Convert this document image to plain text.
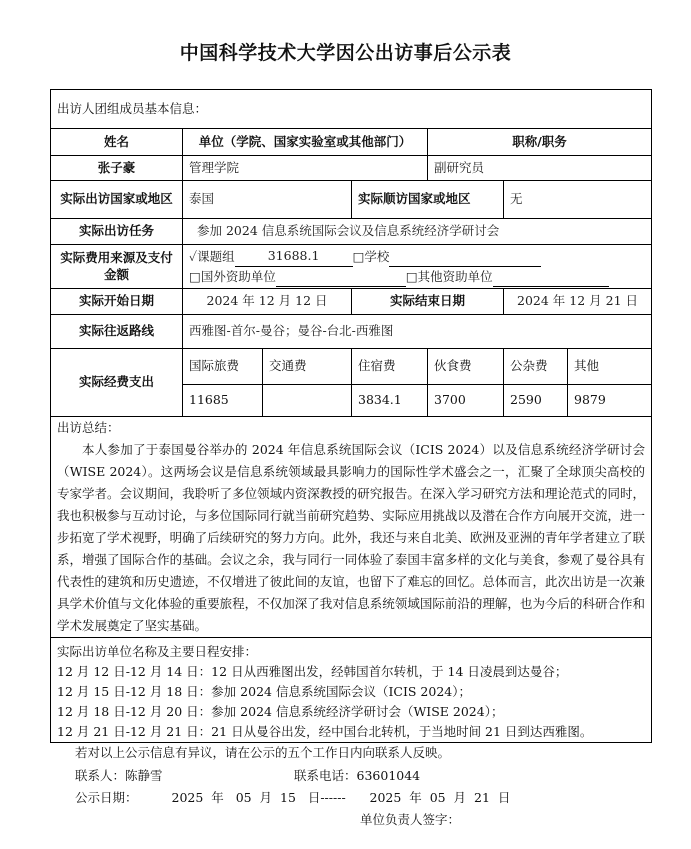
中国科学技术大学因公出访事后公示表
出访人团组成员基本信息：						
姓名	单位（学院、国家实验室或其他部门）			职称/职务		
张子豪	管理学院			副研究员		
实际出访国家或地区	泰国		实际顺访国家或地区		无	
实际出访任务	参加 2024 信息系统国际会议及信息系统经济学研讨会					
实际费用来源及支付金额	✓课题组 31688.1 □学校
□国外资助单位 □其他资助单位					

实际开始日期	2024 年 12 月 12 日		实际结束日期		2024 年 12 月 21 日	
实际往返路线	西雅图-首尔-曼谷；曼谷-台北-西雅图					
实际经费支出	国际旅费	交通费	住宿费	伙食费	公杂费	其他
	11685		3834.1	3700	2590	9879

出访总结：
本人参加了于泰国曼谷举办的 2024 年信息系统国际会议（ICIS 2024）以及信息系统经济学研讨会（WISE 2024）。这两场会议是信息系统领域最具影响力的国际性学术盛会之一，汇聚了全球顶尖高校的专家学者。会议期间，我聆听了多位领域内资深教授的研究报告。在深入学习研究方法和理论范式的同时，我也积极参与互动讨论，与多位国际同行就当前研究趋势、实际应用挑战以及潜在合作方向展开交流，进一步拓宽了学术视野，明确了后续研究的努力方向。此外，我还与来自北美、欧洲及亚洲的青年学者建立了联系，增强了国际合作的基础。会议之余，我与同行一同体验了泰国丰富多样的文化与美食，参观了曼谷具有代表性的建筑和历史遗迹，不仅增进了彼此间的友谊，也留下了难忘的回忆。总体而言，此次出访是一次兼具学术价值与文化体验的重要旅程，不仅加深了我对信息系统领域国际前沿的理解，也为今后的科研合作和学术发展奠定了坚实基础。						

实际出访单位名称及主要日程安排：
12 月 12 日-12 月 14 日：12 日从西雅图出发，经韩国首尔转机，于 14 日凌晨到达曼谷；
12 月 15 日-12 月 18 日：参加 2024 信息系统国际会议（ICIS 2024）；
12 月 18 日-12 月 20 日：参加 2024 信息系统经济学研讨会（WISE 2024）；
12 月 21 日-12 月 21 日：21 日从曼谷出发，经中国台北转机，于当地时间 21 日到达西雅图。						
若对以上公示信息有异议，请在公示的五个工作日内向联系人反映。
联系人：陈静雪	联系电话：63601044
公示日期：	2025  年   05  月  15   日------      2025  年  05  月  21  日
单位负责人签字：
